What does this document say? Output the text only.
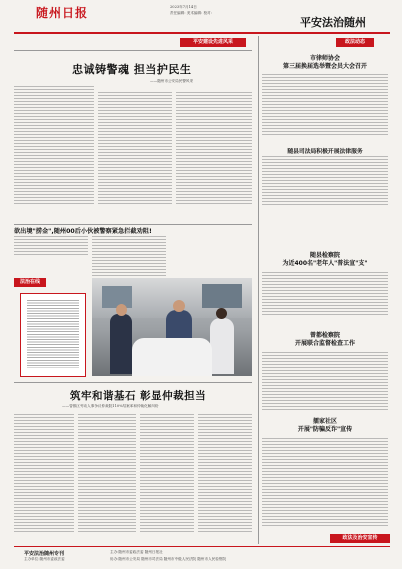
随州日报	2023年7月14日
责任编辑: 美术编辑: 校对:
平安法治随州
平安建设先进风采
忠诚铸警魂 担当护民生
——随州市公安局民警风采
欲出境"捞金",随州00后小伙被警察紧急拦截劝阻!
法治在线
政法动态
市律师协会
第三届换届选举暨会员大会召开
随县司法局积极开展法律服务
随县检察院
为近400名"老年人"普法宣"支"
曾都检察院
开展联合监督检查工作
擂家社区
开展"防骗反诈"宣传
筑牢和谐基石 彰显仲裁担当
——曾都区劳动人事争议仲裁院110%结案率和仲裁化解纠纷
政法及治安宣传
平安法治随州专刊
主办单位:随州市委政法委
主办:随州市委政法委 随州日报社
协办:随州市公安局 随州市司法局 随州市中级人民法院 随州市人民检察院
